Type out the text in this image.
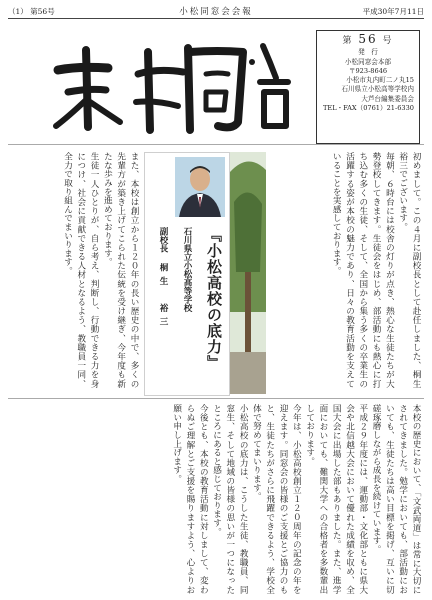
（1） 第56号	小松同窓会会報	平成30年7月11日
第 56 号
発　行
小松同窓会本部
〒923-8646
小松市丸内町二ノ丸15
石川県立小松高等学校内
大芦台編集委員会
TEL・FAX（0761）21-6330

初めまして。この４月に副校長として赴任しました、桐生裕三でございます。

毎朝、６時台には校舎の灯りが点き、熱心な生徒たちが大勢登校してきます。生徒会をはじめ、部活動にも熱心に打ち込む多くの生徒、そして、全国から集う多くの卒業生の活躍する姿が本校の魅力であり、日々の教育活動を支えていることを実感しております。

また、本校は創立から１２０年の長い歴史の中で、多くの先輩方が築き上げてこられた伝統を受け継ぎ、今年度も新たな歩みを進めております。

生徒一人ひとりが、自ら考え、判断し、行動できる力を身につけ、社会に貢献できる人材となるよう、教職員一同、全力で取り組んでまいります。

『小松高校の底力』
石川県立小松高等学校
副校長桐生　裕三

本校の歴史において、「文武両道」は常に大切にされてきました。勉学においても、部活動においても、生徒たちは高い目標を掲げ、互いに切磋琢磨しながら成長を続けています。

平成２９年度には、運動部・文化部ともに県大会や北信越大会において優れた成績を収め、全国大会に出場した部もありました。また、進学面においても、難関大学への合格者を多数輩出しております。

今年は、小松高校創立１２０周年の記念の年を迎えます。同窓会の皆様のご支援とご協力のもと、生徒たちがさらに飛躍できるよう、学校全体で努めてまいります。

小松高校の底力は、こうした生徒、教職員、同窓生、そして地域の皆様の思いが一つになったところにあると感じております。

今後とも、本校の教育活動に対しまして、変わらぬご理解とご支援を賜りますよう、心よりお願い申し上げます。
